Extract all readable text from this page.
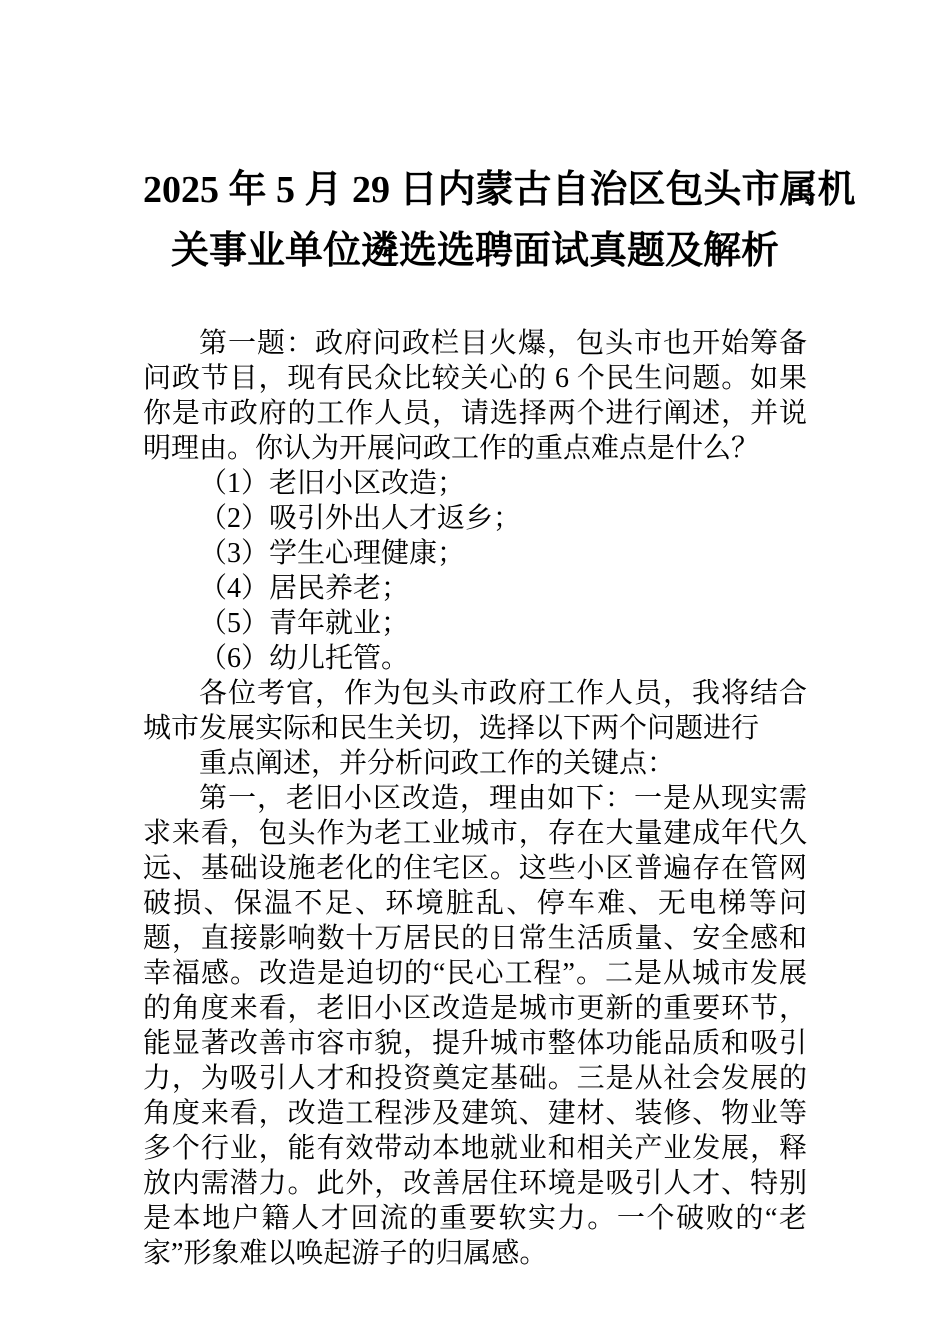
2025 年 5 月 29 日内蒙古自治区包头市属机
关事业单位遴选选聘面试真题及解析

第一题：政府问政栏目火爆，包头市也开始筹备问政节目，现有民众比较关心的 6 个民生问题。如果你是市政府的工作人员，请选择两个进行阐述，并说明理由。你认为开展问政工作的重点难点是什么？

（1）老旧小区改造；

（2）吸引外出人才返乡；

（3）学生心理健康；

（4）居民养老；

（5）青年就业；

（6）幼儿托管。

各位考官，作为包头市政府工作人员，我将结合城市发展实际和民生关切，选择以下两个问题进行

重点阐述，并分析问政工作的关键点：

第一，老旧小区改造，理由如下：一是从现实需求来看，包头作为老工业城市，存在大量建成年代久远、基础设施老化的住宅区。这些小区普遍存在管网破损、保温不足、环境脏乱、停车难、无电梯等问题，直接影响数十万居民的日常生活质量、安全感和幸福感。改造是迫切的“民心工程”。二是从城市发展的角度来看，老旧小区改造是城市更新的重要环节，能显著改善市容市貌，提升城市整体功能品质和吸引力，为吸引人才和投资奠定基础。三是从社会发展的角度来看，改造工程涉及建筑、建材、装修、物业等多个行业，能有效带动本地就业和相关产业发展，释放内需潜力。此外，改善居住环境是吸引人才、特别是本地户籍人才回流的重要软实力。一个破败的“老家”形象难以唤起游子的归属感。
